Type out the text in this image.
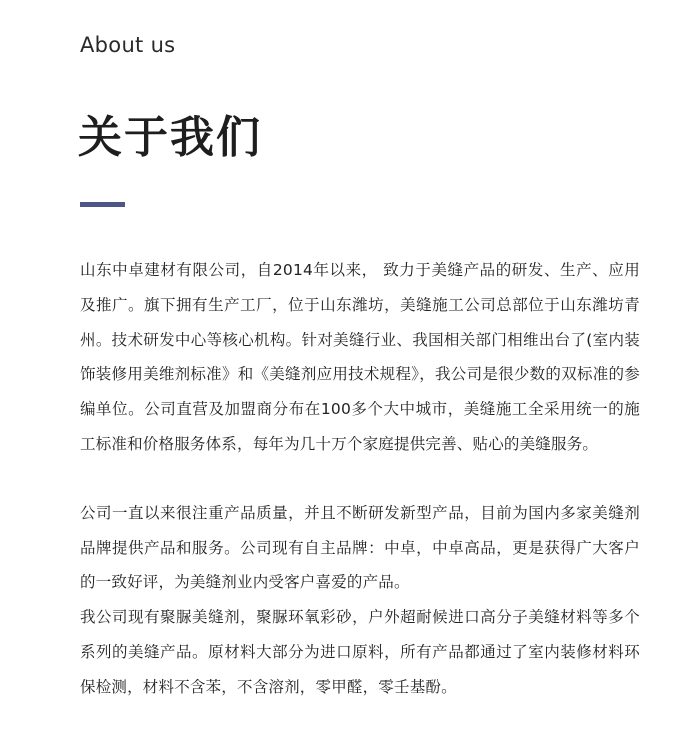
About us
关于我们

山东中卓建材有限公司，自2014年以来， 致力于美缝产品的研发、生产、应用及推广。旗下拥有生产工厂，位于山东潍坊，美缝施工公司总部位于山东潍坊青州。技术研发中心等核心机构。针对美缝行业、我国相关部门相维出台了(室内装饰装修用美维剂标准》和《美缝剂应用技术规程》，我公司是很少数的双标准的参编单位。公司直营及加盟商分布在100多个大中城市，美缝施工全采用统一的施工标准和价格服务体系，每年为几十万个家庭提供完善、贴心的美缝服务。

公司一直以来很注重产品质量，并且不断研发新型产品，目前为国内多家美缝剂品牌提供产品和服务。公司现有自主品牌：中卓，中卓高品，更是获得广大客户的一致好评，为美缝剂业内受客户喜爱的产品。

我公司现有聚脲美缝剂，聚脲环氧彩砂，户外超耐候进口高分子美缝材料等多个系列的美缝产品。原材料大部分为进口原料，所有产品都通过了室内装修材料环保检测，材料不含苯，不含溶剂，零甲醛，零壬基酚。
